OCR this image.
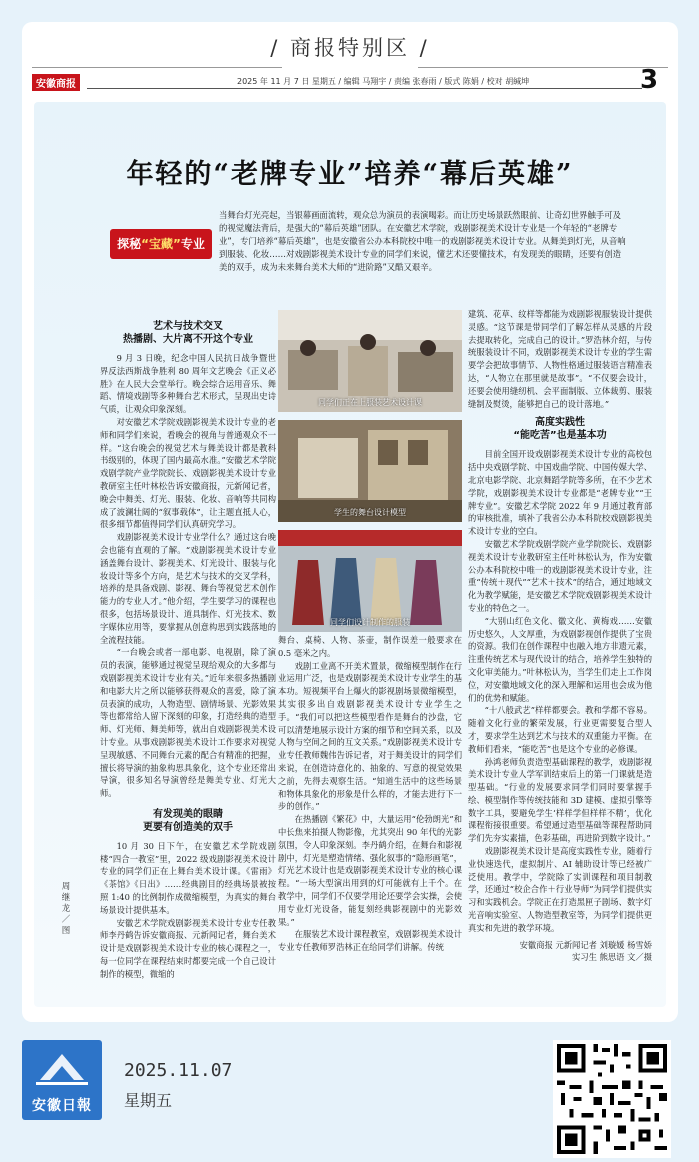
/ 商报特别区 /
安徽商报	2025 年 11 月 7 日 星期五 / 编辑 马翔宇 / 责编 张春雨 / 版式 陈娟 / 校对 胡缄坤	3
年轻的“老牌专业”培养“幕后英雄”
探秘“宝藏”专业
当舞台灯光亮起，当银幕画面流转，观众总为演员的表演喝彩。而让历史场景跃然眼前、让奇幻世界触手可及的视觉魔法背后，是强大的“幕后英雄”团队。在安徽艺术学院，戏剧影视美术设计专业是一个年轻的“老牌专业”，专门培养“幕后英雄”，也是安徽省公办本科院校中唯一的戏剧影视美术设计专业。从舞美到灯光，从音响到服装、化妆……对戏剧影视美术设计专业的同学们来说，懂艺术还要懂技术，有发现美的眼睛，还要有创造美的双手，成为未来舞台美术大师的“进阶路”又酷又艰辛。
艺术与技术交叉
热播剧、大片离不开这个专业

9 月 3 日晚，纪念中国人民抗日战争暨世界反法西斯战争胜利 80 周年文艺晚会《正义必胜》在人民大会堂举行。晚会综合运用音乐、舞蹈、情境戏剧等多种舞台艺术形式，呈现出史诗气质，让观众印象深刻。

对安徽艺术学院戏剧影视美术设计专业的老师和同学们来说，看晚会的视角与普通观众不一样。“这台晚会的视觉艺术与舞美设计都是教科书级别的，体现了国内最高水准。”安徽艺术学院戏剧学院产业学院院长、戏剧影视美术设计专业教研室主任叶林松告诉安徽商报，元新闻记者，晚会中舞美、灯光、服装、化妆、音响等共同构成了波澜壮阔的“叙事载体”，让主题直抵人心，很多细节都值得同学们认真研究学习。

戏剧影视美术设计专业学什么？通过这台晚会也能有直观的了解。“戏剧影视美术设计专业涵盖舞台设计、影视美术、灯光设计、服装与化妆设计等多个方向，是艺术与技术的交叉学科，培养的是具备戏剧、影视、舞台等视觉艺术创作能力的专业人才。”他介绍，学生要学习的课程也很多，包括场景设计、道具制作、灯光技术、数字媒体应用等，要掌握从创意构思到实践落地的全流程技能。

“一台晚会或者一部电影、电视剧，除了演员的表演，能够通过视觉呈现给观众的大多都与戏剧影视美术设计专业有关。”近年来很多热播剧和电影大片之所以能够获得观众的喜爱，除了演员表演的成功，人物造型、剧情场景、光影效果等也都常给人留下深刻的印象，打造经典的造型师、灯光师、舞美师等，就出自戏剧影视美术设计专业。从事戏剧影视美术设计工作要求对视觉呈现敏感、不同舞台元素的配合有精准的把握，擅长将导演的抽象构思具象化，这个专业还常出导演，很多知名导演曾经是舞美专业、灯光大师。

有发现美的眼睛
更要有创造美的双手

10 月 30 日下午，在安徽艺术学院戏剧楼“四合一教室”里，2022 级戏剧影视美术设计专业的同学们正在上舞台美术设计课。《雷雨》《茶馆》《日出》……经典剧目的经典场景被按照 1:40 的比例制作成微缩模型，为真实的舞台场景设计提供基本。

安徽艺术学院戏剧影视美术设计专业专任教师李丹鹤告诉安徽商报、元新闻记者，舞台美术设计是戏剧影视美术设计专业的核心课程之一，每一位同学在课程结束时都要完成一个自己设计制作的模型，微缩的

同学们正在上服装艺术设计课
学生的舞台设计模型
同学们设计制作的服装

舞台、桌椅、人物、茶壶，制作误差一般要求在 0.5 毫米之内。

戏剧工业离不开美术置景，微缩模型制作在行业运用广泛，也是戏剧影视美术设计专业学生的基本功。短视频平台上爆火的影视剧场景微缩模型，其实很多出自戏剧影视美术设计专业学生之手。“我们可以把这些模型看作是舞台的沙盘，它可以清楚地展示设计方案的细节和空间关系，以及人物与空间之间的互文关系。”戏剧影视美术设计专业专任教师魏伟告诉记者，对于舞美设计的同学们来说，在创造诗意化的、抽象的、写意的视觉效果之前，先得去观察生活。“知道生活中的这些场景和物体具象化的形象是什么样的，才能去进行下一步的创作。”

在热播剧《繁花》中，大量运用“伦勃朗光”和中长焦来拍摄人物影像，尤其突出 90 年代的光影氛围，令人印象深刻。李丹鹤介绍，在舞台和影视剧中，灯光是塑造情绪、强化叙事的“隐形画笔”，灯光艺术设计也是戏剧影视美术设计专业的核心课程。“一场大型演出用到的灯可能就有上千个。在教学中，同学们不仅要学用论还要学会实操，会使用专业灯光设备，能复刻经典影视剧中的光影效果。”

在服装艺术设计课程教室，戏剧影视美术设计专业专任教师罗浩林正在给同学们讲解。传统

建筑、花草、纹样等都能为戏剧影视服装设计提供灵感。“这节课是带同学们了解怎样从灵感的片段去提取转化，完成自己的设计。”罗浩林介绍，与传统服装设计不同，戏剧影视美术设计专业的学生需要学会把故事情节、人物性格通过服装语言精准表达，“人物立在那里就是故事”。“不仅要会设计，还要会使用缝纫机、会平面制版、立体裁剪、服装缝制及熨烫，能够把自己的设计落地。”

高度实践性
“能吃苦”也是基本功

目前全国开设戏剧影视美术设计专业的高校包括中央戏剧学院、中国戏曲学院、中国传媒大学、北京电影学院、北京舞蹈学院等多所，在不少艺术学院，戏剧影视美术设计专业都是“老牌专业”“王牌专业”。安徽艺术学院 2022 年 9 月通过教育部的审核批准，填补了我省公办本科院校戏剧影视美术设计专业的空白。

安徽艺术学院戏剧学院产业学院院长、戏剧影视美术设计专业教研室主任叶林松认为，作为安徽公办本科院校中唯一的戏剧影视美术设计专业，注重“传统＋现代”“艺术＋技术”的结合，通过地域文化为教学赋能，是安徽艺术学院戏剧影视美术设计专业的特色之一。

“大别山红色文化、徽文化、黄梅戏……安徽历史悠久，人文厚重，为戏剧影视创作提供了宝贵的资源。我们在创作课程中也融入地方非遗元素，注重传统艺术与现代设计的结合，培养学生独特的文化审美能力。”叶林松认为，当学生们走上工作岗位，对安徽地域文化的深入理解和运用也会成为他们的优势和赋能。

“十八般武艺”样样都要会。教和学都不容易。随着文化行业的繁荣发展，行业更需要复合型人才，要求学生达到艺术与技术的双重能力平衡。在教师们看来，“能吃苦”也是这个专业的必修课。

孙鸿老师负责造型基础课程的教学，戏剧影视美术设计专业人学军训结束后上的第一门课就是造型基础。“行业的发展要求同学们同时要掌握手绘、模型制作等传统技能和 3D 建模、虚拟引擎等数字工具，要避免学生‘样样学但样样不精’，优化课程衔接很重要。希望通过造型基础等课程帮助同学们先夯实素描，色彩基础，再进阶到数字设计。”

戏剧影视美术设计是高度实践性专业，随着行业快速迭代，虚拟制片、AI 辅助设计等已经被广泛使用。教学中，学院除了实训课程和项目制教学，还通过“校企合作＋行业导师”为同学们提供实习和实践机会。学院正在打造黑匣子剧场、数字灯光音响实验室、人物造型教室等，为同学们提供更真实和先进的教学环境。

安徽商报 元新闻记者 刘璇媛 杨雪娇
实习生 熊思语 文／摄
周继龙／图
安徽日報
2025.11.07
星期五
